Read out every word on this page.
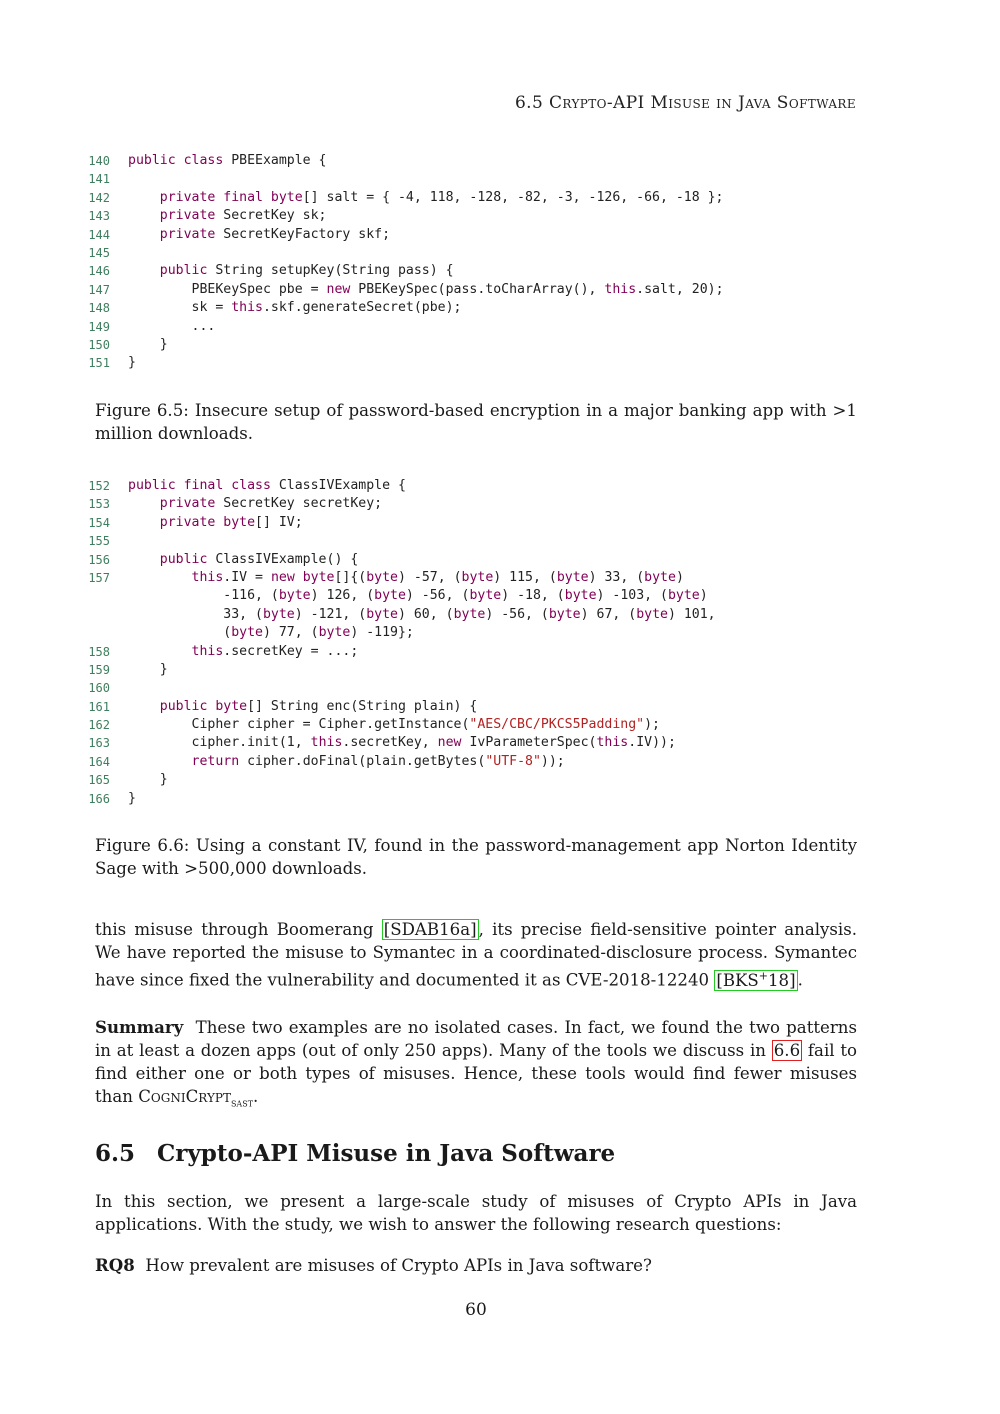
6.5 Crypto-API Misuse in Java Software
140 public class PBEExample {
141
142	private final byte[] salt = { -4, 118, -128, -82, -3, -126, -66, -18 };
143	private SecretKey sk;
144	private SecretKeyFactory skf;
145
146	public String setupKey(String pass) {
147 PBEKeySpec pbe = new PBEKeySpec(pass.toCharArray(), this.salt, 20);
148 sk = this.skf.generateSecret(pbe);
149 ...
150 }
151 }
Figure 6.5: Insecure setup of password-based encryption in a major banking app with >1 million downloads.
152 public final class ClassIVExample {
153	private SecretKey secretKey;
154	private byte[] IV;
155
156	public ClassIVExample() {
157	this.IV = new byte[]{(byte) -57, (byte) 115, (byte) 33, (byte)
-116, (byte) 126, (byte) -56, (byte) -18, (byte) -103, (byte)
33, (byte) -121, (byte) 60, (byte) -56, (byte) 67, (byte) 101,
(byte) 77, (byte) -119};
158	this.secretKey = ...;
159 }
160
161	public byte[] String enc(String plain) {
162 Cipher cipher = Cipher.getInstance("AES/CBC/PKCS5Padding");
163 cipher.init(1, this.secretKey, new IvParameterSpec(this.IV));
164	return cipher.doFinal(plain.getBytes("UTF-8"));
165 }
166 }
Figure 6.6: Using a constant IV, found in the password-management app Norton Identity Sage with >500,000 downloads.

this misuse through Boomerang [SDAB16a] , its precise field-sensitive pointer analysis. We have reported the misuse to Symantec in a coordinated-disclosure process. Symantec have since fixed the vulnerability and documented it as CVE-2018-12240 [BKS+18] .

Summary These two examples are no isolated cases. In fact, we found the two patterns in at least a dozen apps (out of only 250 apps). Many of the tools we discuss in 6.6 fail to find either one or both types of misuses. Hence, these tools would find fewer misuses than CogniCrypt$_{sast}$.

6.5 Crypto-API Misuse in Java Software

In this section, we present a large-scale study of misuses of Crypto APIs in Java applications. With the study, we wish to answer the following research questions:

RQ8 How prevalent are misuses of Crypto APIs in Java software?

60
